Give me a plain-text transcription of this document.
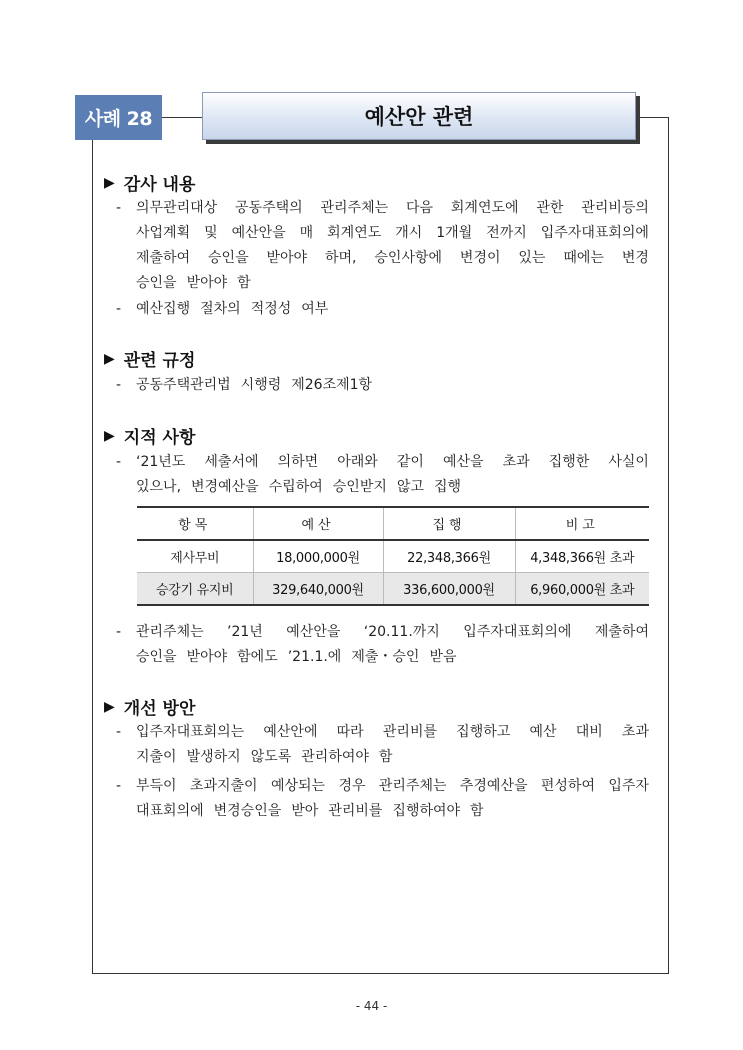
사례 28	예산안 관련
▶ 감사 내용
- 의무관리대상 공동주택의 관리주체는 다음 회계연도에 관한 관리비등의
사업계획 및 예산안을 매 회계연도 개시 1개월 전까지 입주자대표회의에
제출하여 승인을 받아야 하며, 승인사항에 변경이 있는 때에는 변경
승인을 받아야 함
- 예산집행 절차의 적정성 여부
▶ 관련 규정
- 공동주택관리법 시행령 제26조제1항
▶ 지적 사항
- ‘21년도 세출서에 의하면 아래와 같이 예산을 초과 집행한 사실이
있으나, 변경예산을 수립하여 승인받지 않고 집행
항목	예산	집행	비고
제사무비	18,000,000원	22,348,366원	4,348,366원 초과
승강기 유지비	329,640,000원	336,600,000원	6,960,000원 초과
- 관리주체는 ’21년 예산안을 ‘20.11.까지 입주자대표회의에 제출하여
승인을 받아야 함에도 ’21.1.에 제출・승인 받음
▶ 개선 방안
- 입주자대표회의는 예산안에 따라 관리비를 집행하고 예산 대비 초과
지출이 발생하지 않도록 관리하여야 함
- 부득이 초과지출이 예상되는 경우 관리주체는 추경예산을 편성하여 입주자
대표회의에 변경승인을 받아 관리비를 집행하여야 함
- 44 -
